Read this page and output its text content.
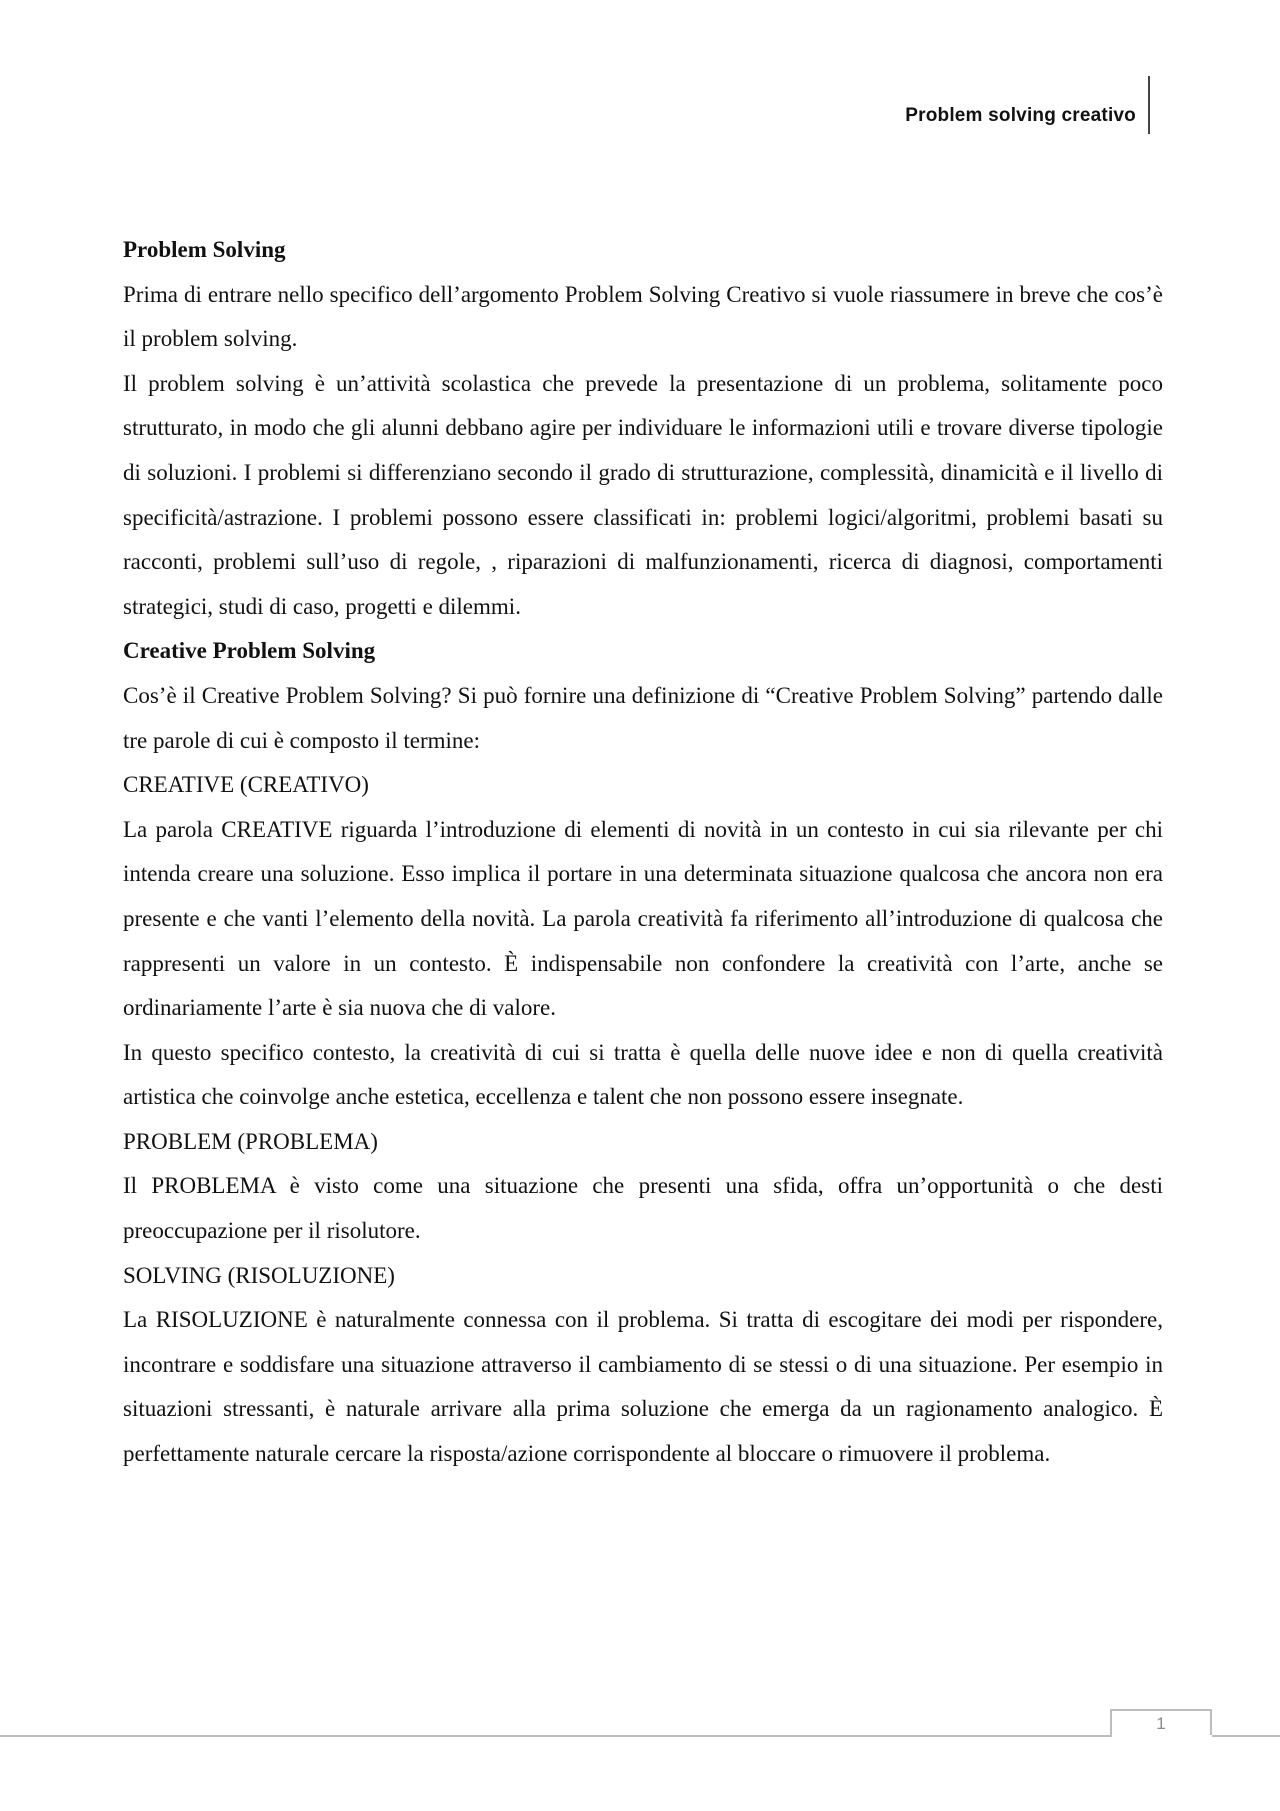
Problem solving creativo
Problem Solving

Prima di entrare nello specifico dell’argomento Problem Solving Creativo si vuole riassumere in breve che cos’è il problem solving.

Il problem solving è un’attività scolastica che prevede la presentazione di un problema, solitamente poco strutturato, in modo che gli alunni debbano agire per individuare le informazioni utili e trovare diverse tipologie di soluzioni. I problemi si differenziano secondo il grado di strutturazione, complessità, dinamicità e il livello di specificità/astrazione. I problemi possono essere classificati in: problemi logici/algoritmi, problemi basati su racconti, problemi sull’uso di regole, , riparazioni di malfunzionamenti, ricerca di diagnosi, comportamenti strategici, studi di caso, progetti e dilemmi.

Creative Problem Solving

Cos’è il Creative Problem Solving? Si può fornire una definizione di “Creative Problem Solving” partendo dalle tre parole di cui è composto il termine:

CREATIVE (CREATIVO)

La parola CREATIVE riguarda l’introduzione di elementi di novità in un contesto in cui sia rilevante per chi intenda creare una soluzione. Esso implica il portare in una determinata situazione qualcosa che ancora non era presente e che vanti l’elemento della novità. La parola creatività fa riferimento all’introduzione di qualcosa che rappresenti un valore in un contesto. È indispensabile non confondere la creatività con l’arte, anche se ordinariamente l’arte è sia nuova che di valore.

In questo specifico contesto, la creatività di cui si tratta è quella delle nuove idee e non di quella creatività artistica che coinvolge anche estetica, eccellenza e talent che non possono essere insegnate.

PROBLEM (PROBLEMA)

Il PROBLEMA è visto come una situazione che presenti una sfida, offra un’opportunità o che desti preoccupazione per il risolutore.

SOLVING (RISOLUZIONE)

La RISOLUZIONE è naturalmente connessa con il problema. Si tratta di escogitare dei modi per rispondere, incontrare e soddisfare una situazione attraverso il cambiamento di se stessi o di una situazione. Per esempio in situazioni stressanti, è naturale arrivare alla prima soluzione che emerga da un ragionamento analogico. È perfettamente naturale cercare la risposta/azione corrispondente al bloccare o rimuovere il problema.

1
